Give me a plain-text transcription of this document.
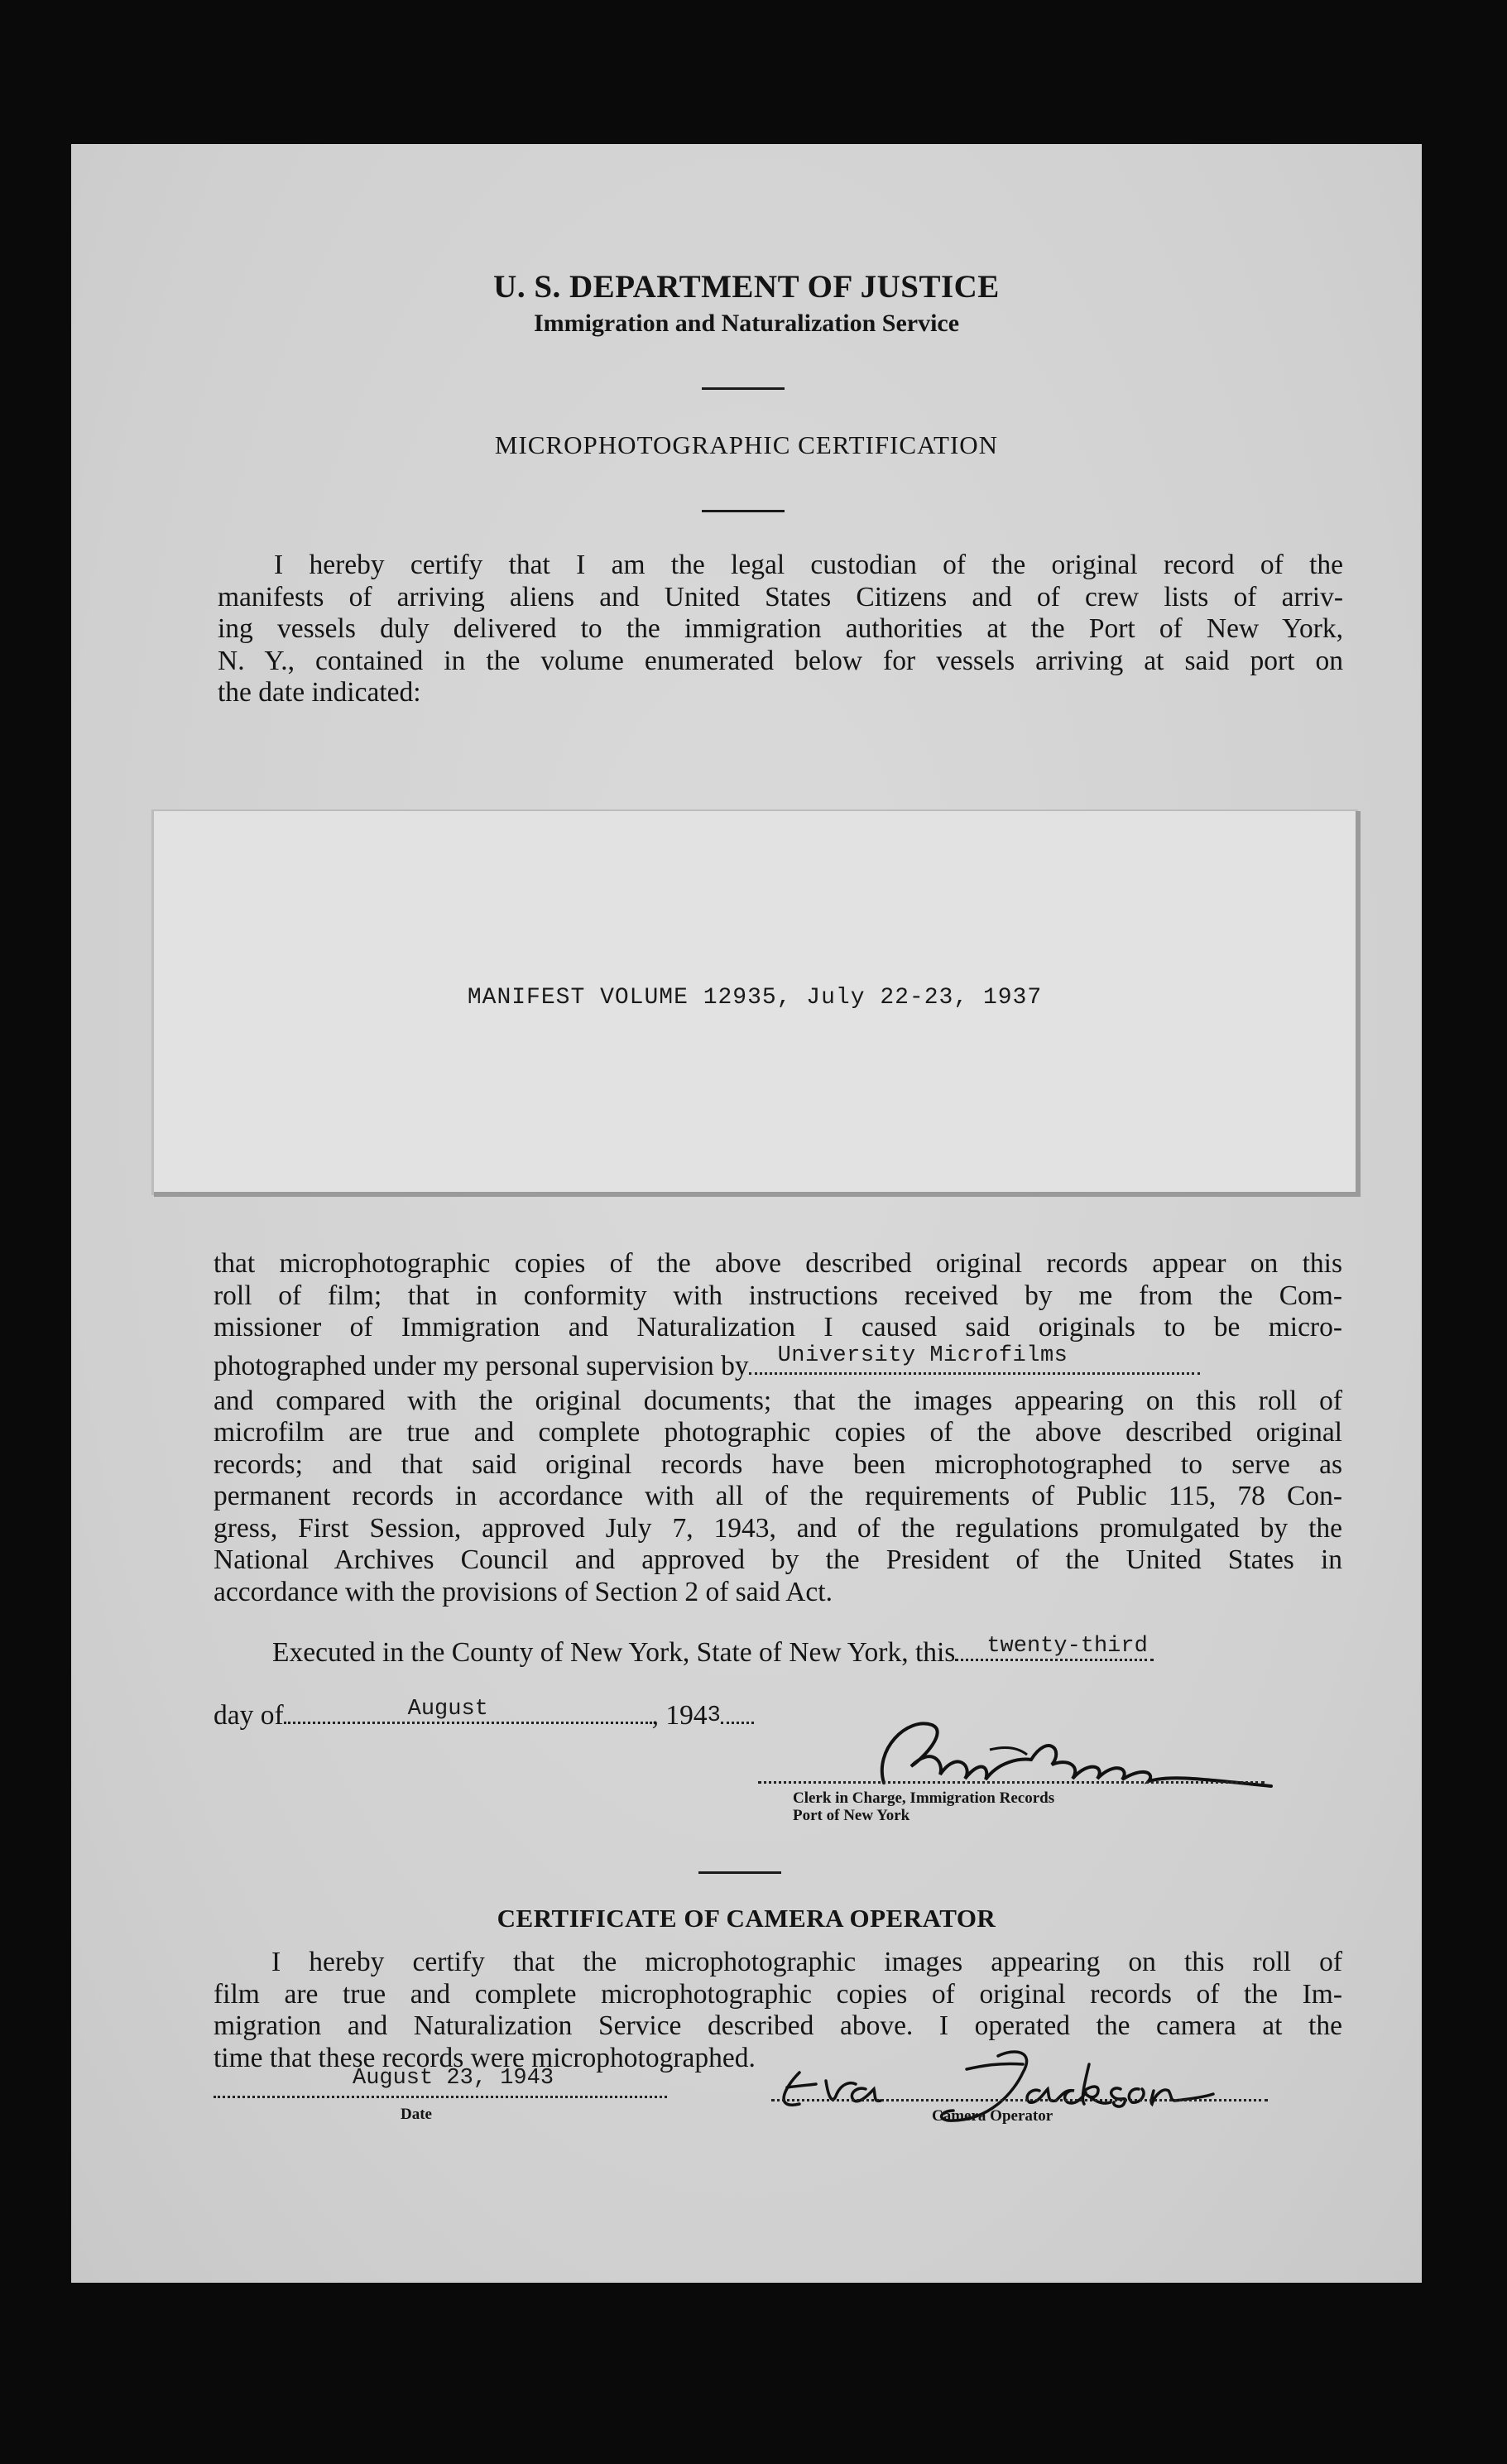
U. S. DEPARTMENT OF JUSTICE
Immigration and Naturalization Service
MICROPHOTOGRAPHIC CERTIFICATION
I hereby certify that I am the legal custodian of the original record of the
manifests of arriving aliens and United States Citizens and of crew lists of arriv-
ing vessels duly delivered to the immigration authorities at the Port of New York,
N. Y., contained in the volume enumerated below for vessels arriving at said port on
the date indicated:
MANIFEST VOLUME 12935, July 22-23, 1937
that microphotographic copies of the above described original records appear on this
roll of film; that in conformity with instructions received by me from the Com-
missioner of Immigration and Naturalization I caused said originals to be micro-
photographed under my personal supervision by University Microfilms
and compared with the original documents; that the images appearing on this roll of
microfilm are true and complete photographic copies of the above described original
records; and that said original records have been microphotographed to serve as
permanent records in accordance with all of the requirements of Public 115, 78 Con-
gress, First Session, approved July 7, 1943, and of the regulations promulgated by the
National Archives Council and approved by the President of the United States in
accordance with the provisions of Section 2 of said Act.
Executed in the County of New York, State of New York, this twenty-third
day of	August	, 1943
Clerk in Charge, Immigration Records
Port of New York
CERTIFICATE OF CAMERA OPERATOR
I hereby certify that the microphotographic images appearing on this roll of
film are true and complete microphotographic copies of original records of the Im-
migration and Naturalization Service described above. I operated the camera at the
time that these records were microphotographed.
August 23, 1943
Date	Camera Operator
